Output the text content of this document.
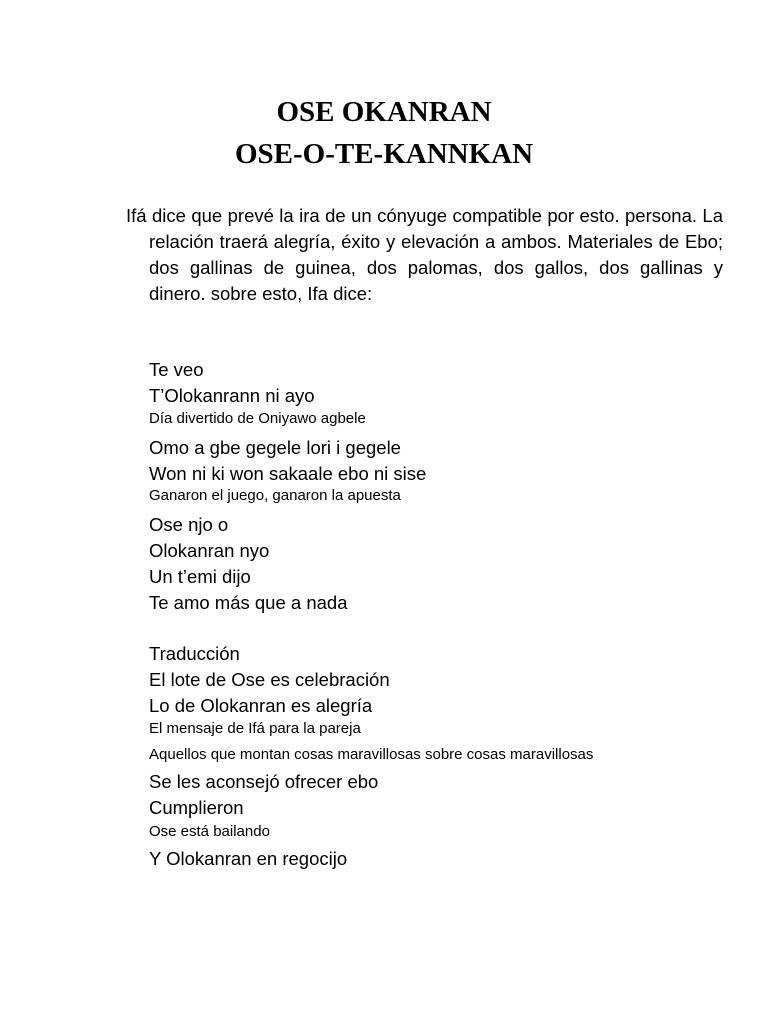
OSE OKANRAN
OSE-O-TE-KANNKAN

Ifá dice que prevé la ira de un cónyuge compatible por esto. persona. La relación traerá alegría, éxito y elevación a ambos. Materiales de Ebo; dos gallinas de guinea, dos palomas, dos gallos, dos gallinas y dinero. sobre esto, Ifa dice:

Te veo

T’Olokanrann ni ayo

Día divertido de Oniyawo agbele

Omo a gbe gegele lori i gegele

Won ni ki won sakaale ebo ni sise

Ganaron el juego, ganaron la apuesta

Ose njo o

Olokanran nyo

Un t’emi dijo

Te amo más que a nada

Traducción

El lote de Ose es celebración

Lo de Olokanran es alegría

El mensaje de Ifá para la pareja

Aquellos que montan cosas maravillosas sobre cosas maravillosas

Se les aconsejó ofrecer ebo

Cumplieron

Ose está bailando

Y Olokanran en regocijo
